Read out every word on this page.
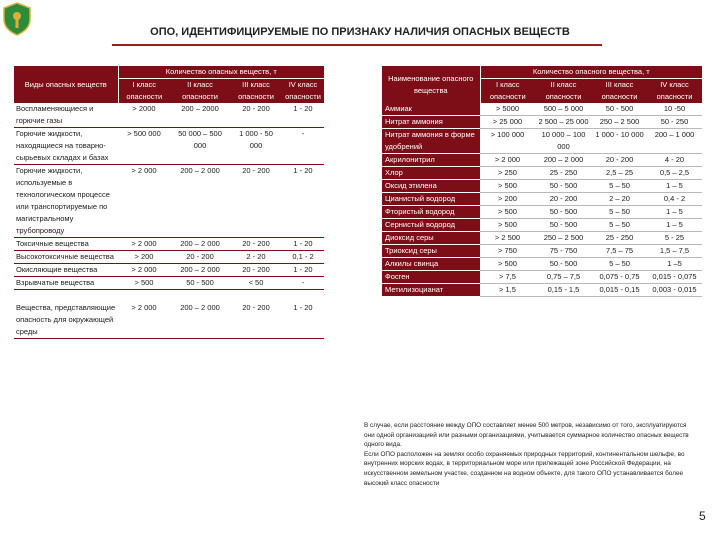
ОПО, ИДЕНТИФИЦИРУЕМЫЕ ПО ПРИЗНАКУ НАЛИЧИЯ ОПАСНЫХ ВЕЩЕСТВ
Виды опасных веществ	Количество опасных веществ, т			
	I класс опасности	II класс опасности	III класс опасности	IV класс опасности
Воспламеняющиеся и горючие газы	> 2000	200 – 2000	20 - 200	1 - 20
Горючие жидкости, находящиеся на товарно-сырьевых складах и базах	> 500 000	50 000 – 500 000	1 000 - 50 000	-
Горючие жидкости, используемые в технологическом процессе или транспортируемые по магистральному трубопроводу	> 2 000	200 – 2 000	20 - 200	1 - 20
Токсичные вещества	> 2 000	200 – 2 000	20 - 200	1 - 20
Высокотоксичные вещества	> 200	20 - 200	2 - 20	0,1 - 2
Окисляющие вещества	> 2 000	200 – 2 000	20 - 200	1 - 20
Взрывчатые вещества	> 500	50 - 500	< 50	-

Вещества, представляющие опасность для окружающей среды	> 2 000	200 – 2 000	20 - 200	1 - 20
Наименование опасного вещества	Количество опасного вещества, т			
	I класс опасности	II класс опасности	III класс опасности	IV класс опасности
Аммиак	> 5000	500 – 5 000	50 - 500	10 -50
Нитрат аммония	> 25 000	2 500 – 25 000	250 – 2 500	50 - 250
Нитрат аммония в форме удобрений	> 100 000	10 000 – 100 000	1 000 - 10 000	200 – 1 000
Акрилонитрил	> 2 000	200 – 2 000	20 - 200	4 - 20
Хлор	> 250	25 - 250	2,5 – 25	0,5 – 2,5
Оксид этилена	> 500	50 - 500	5 – 50	1 – 5
Цианистый водород	> 200	20 - 200	2 – 20	0,4 - 2
Фтористый водород	> 500	50 - 500	5 – 50	1 – 5
Сернистый водород	> 500	50 - 500	5 – 50	1 – 5
Диоксид серы	> 2 500	250 – 2 500	25 - 250	5 - 25
Триоксид серы	> 750	75 - 750	7,5 – 75	1,5 – 7,5
Алкилы свинца	> 500	50 - 500	5 – 50	1 –5
Фосген	> 7,5	0,75 – 7,5	0,075 - 0,75	0,015 - 0,075
Метилизоцианат	> 1,5	0,15 - 1,5	0,015 - 0,15	0,003 - 0,015

В случае, если расстояние между ОПО составляет менее 500 метров, независимо от того, эксплуатируются они одной организацией или разными организациями, учитывается суммарное количество опасных веществ одного вида.

Если ОПО расположен на землях особо охраняемых природных территорий, континентальном шельфе, во внутренних морских водах, в территориальном море или прилежащей зоне Российской Федерации, на искусственном земельном участке, созданном на водном объекте, для такого ОПО устанавливается более высокий класс опасности

5
